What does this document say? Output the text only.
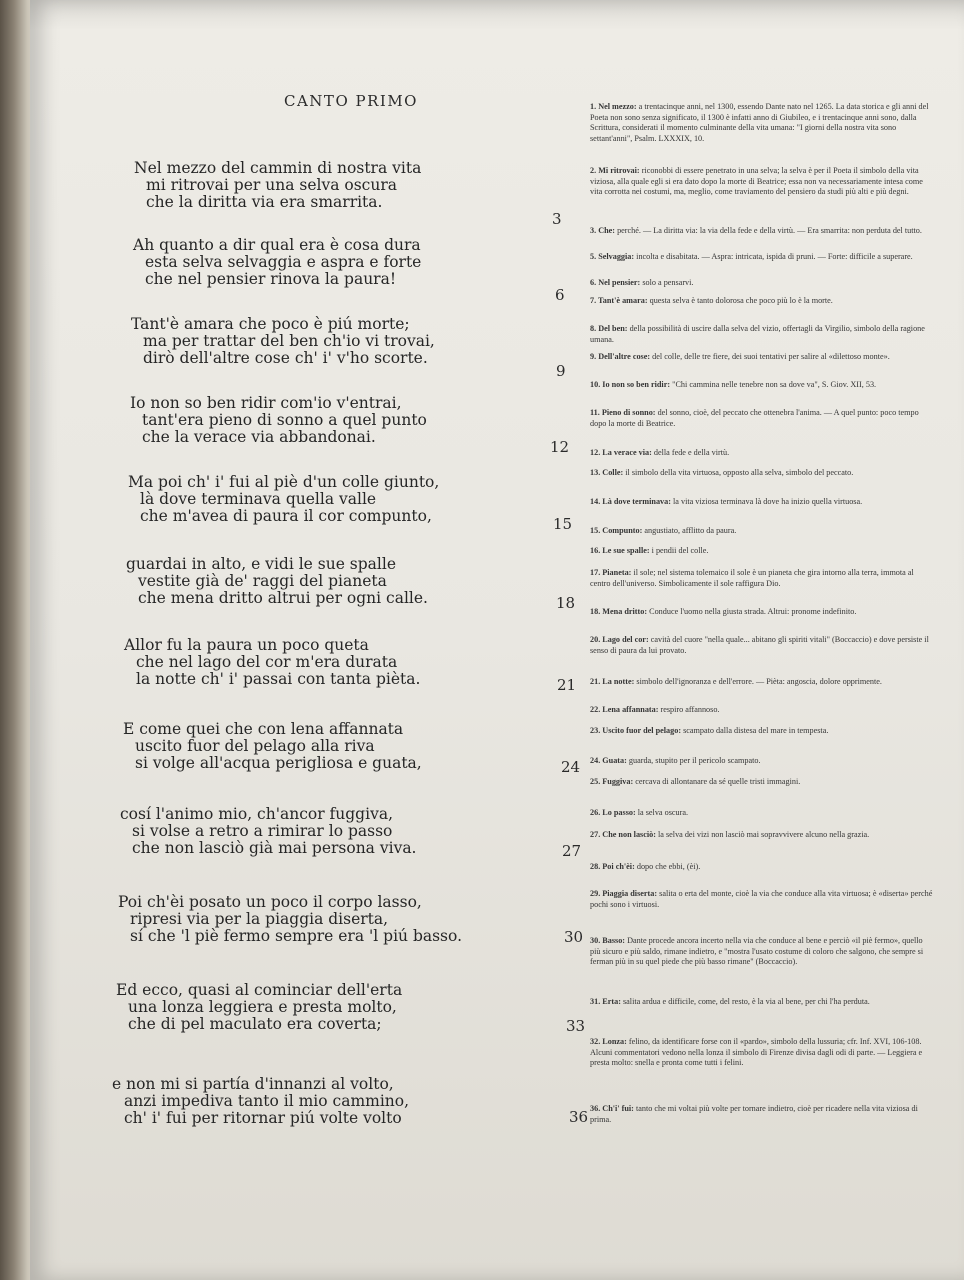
CANTO PRIMO
Nel mezzo del cammin di nostra vita
mi ritrovai per una selva oscura
che la diritta via era smarrita.
3
Ah quanto a dir qual era è cosa dura
esta selva selvaggia e aspra e forte
che nel pensier rinova la paura!
6
Tant'è amara che poco è piú morte;
ma per trattar del ben ch'io vi trovai,
dirò dell'altre cose ch' i' v'ho scorte.
9
Io non so ben ridir com'io v'entrai,
tant'era pieno di sonno a quel punto
che la verace via abbandonai.
12
Ma poi ch' i' fui al piè d'un colle giunto,
là dove terminava quella valle
che m'avea di paura il cor compunto,	15
guardai in alto, e vidi le sue spalle
vestite già de' raggi del pianeta
che mena dritto altrui per ogni calle.	18
Allor fu la paura un poco queta
che nel lago del cor m'era durata
la notte ch' i' passai con tanta pièta.	21
E come quei che con lena affannata
uscito fuor del pelago alla riva
si volge all'acqua perigliosa e guata,	24
cosí l'animo mio, ch'ancor fuggiva,
si volse a retro a rimirar lo passo
che non lasciò già mai persona viva.	27
Poi ch'èi posato un poco il corpo lasso,
ripresi via per la piaggia diserta,
sí che 'l piè fermo sempre era 'l piú basso.	30
Ed ecco, quasi al cominciar dell'erta
una lonza leggiera e presta molto,
che di pel maculato era coverta;	33
e non mi si partía d'innanzi al volto,
anzi impediva tanto il mio cammino,
ch' i' fui per ritornar piú volte volto	36
1. Nel mezzo: a trentacinque anni, nel 1300, essendo Dante nato nel 1265. La data storica e gli anni del Poeta non sono senza significato, il 1300 è infatti anno di Giubileo, e i trentacinque anni sono, dalla Scrittura, considerati il momento culminante della vita umana: "I giorni della nostra vita sono settant'anni", Psalm. LXXXIX, 10.
2. Mi ritrovai: riconobbi di essere penetrato in una selva; la selva è per il Poeta il simbolo della vita viziosa, alla quale egli si era dato dopo la morte di Beatrice; essa non va necessariamente intesa come vita corrotta nei costumi, ma, meglio, come traviamento del pensiero da studi più alti e più degni.
3. Che: perché. — La diritta via: la via della fede e della virtù. — Era smarrita: non perduta del tutto.
5. Selvaggia: incolta e disabitata. — Aspra: intricata, ispida di pruni. — Forte: difficile a superare.
6. Nel pensier: solo a pensarvi.
7. Tant'è amara: questa selva è tanto dolorosa che poco più lo è la morte.
8. Del ben: della possibilità di uscire dalla selva del vizio, offertagli da Virgilio, simbolo della ragione umana.
9. Dell'altre cose: del colle, delle tre fiere, dei suoi tentativi per salire al «dilettoso monte».
10. Io non so ben ridir: "Chi cammina nelle tenebre non sa dove va", S. Giov. XII, 53.
11. Pieno di sonno: del sonno, cioè, del peccato che ottenebra l'anima. — A quel punto: poco tempo dopo la morte di Beatrice.
12. La verace via: della fede e della virtù.
13. Colle: il simbolo della vita virtuosa, opposto alla selva, simbolo del peccato.
14. Là dove terminava: la vita viziosa terminava là dove ha inizio quella virtuosa.
15. Compunto: angustiato, afflitto da paura.
16. Le sue spalle: i pendii del colle.
17. Pianeta: il sole; nel sistema tolemaico il sole è un pianeta che gira intorno alla terra, immota al centro dell'universo. Simbolicamente il sole raffigura Dio.
18. Mena dritto: Conduce l'uomo nella giusta strada. Altrui: pronome indefinito.
20. Lago del cor: cavità del cuore "nella quale... abitano gli spiriti vitali" (Boccaccio) e dove persiste il senso di paura da lui provato.
21. La notte: simbolo dell'ignoranza e dell'errore. — Pièta: angoscia, dolore opprimente.
22. Lena affannata: respiro affannoso.
23. Uscito fuor del pelago: scampato dalla distesa del mare in tempesta.
24. Guata: guarda, stupito per il pericolo scampato.
25. Fuggiva: cercava di allontanare da sé quelle tristi immagini.
26. Lo passo: la selva oscura.
27. Che non lasciò: la selva dei vizi non lasciò mai sopravvivere alcuno nella grazia.
28. Poi ch'èi: dopo che ebbi, (èi).
29. Piaggia diserta: salita o erta del monte, cioè la via che conduce alla vita virtuosa; è «diserta» perché pochi sono i virtuosi.
30. Basso: Dante procede ancora incerto nella via che conduce al bene e perciò «il piè fermo», quello più sicuro e più saldo, rimane indietro, e "mostra l'usato costume di coloro che salgono, che sempre si ferman più in su quel piede che più basso rimane" (Boccaccio).
31. Erta: salita ardua e difficile, come, del resto, è la via al bene, per chi l'ha perduta.
32. Lonza: felino, da identificare forse con il «pardo», simbolo della lussuria; cfr. Inf. XVI, 106-108. Alcuni commentatori vedono nella lonza il simbolo di Firenze divisa dagli odi di parte. — Leggiera e presta molto: snella e pronta come tutti i felini.
36. Ch'i' fui: tanto che mi voltai più volte per tornare indietro, cioè per ricadere nella vita viziosa di prima.
